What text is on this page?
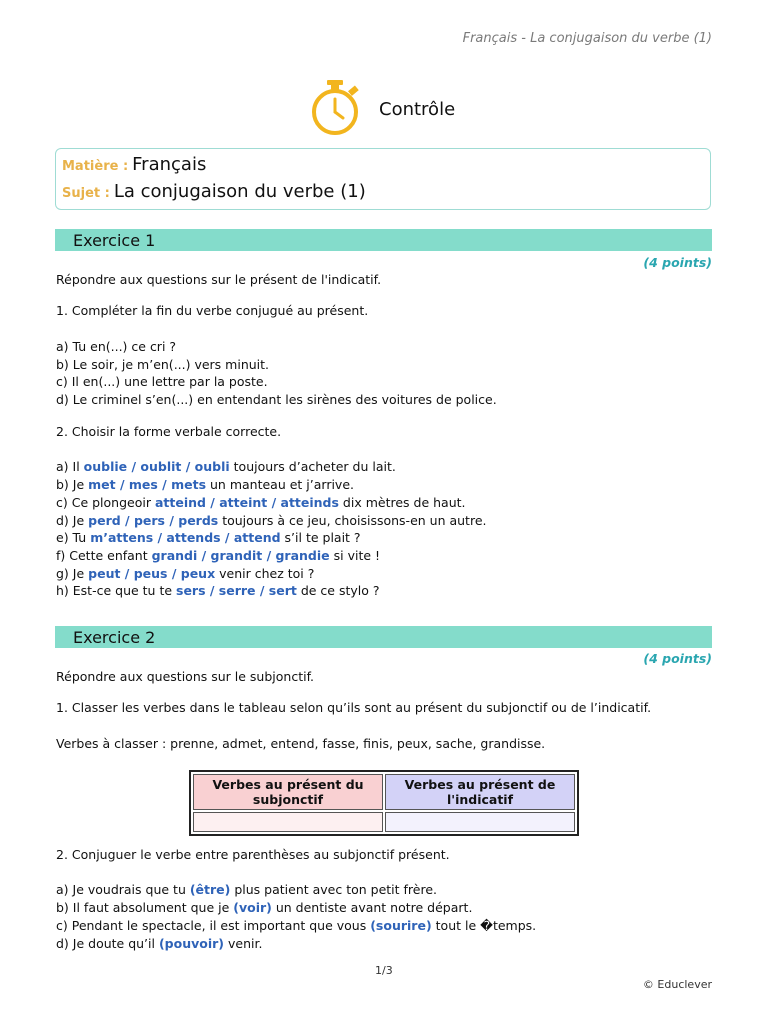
Français - La conjugaison du verbe (1)
Contrôle
Matière : Français
Sujet : La conjugaison du verbe (1)
Exercice 1
(4 points)
Répondre aux questions sur le présent de l'indicatif.
1. Compléter la fin du verbe conjugué au présent.
a) Tu en(...) ce cri ?
b) Le soir, je m’en(...) vers minuit.
c) Il en(...) une lettre par la poste.
d) Le criminel s’en(...) en entendant les sirènes des voitures de police.
2. Choisir la forme verbale correcte.
a) Il oublie / oublit / oubli toujours d’acheter du lait.
b) Je met / mes / mets un manteau et j’arrive.
c) Ce plongeoir atteind / atteint / atteinds dix mètres de haut.
d) Je perd / pers / perds toujours à ce jeu, choisissons-en un autre.
e) Tu m’attens / attends / attend s’il te plait ?
f) Cette enfant grandi / grandit / grandie si vite !
g) Je peut / peus / peux venir chez toi ?
h) Est-ce que tu te sers / serre / sert de ce stylo ?
Exercice 2
(4 points)
Répondre aux questions sur le subjonctif.
1. Classer les verbes dans le tableau selon qu’ils sont au présent du subjonctif ou de l’indicatif.
Verbes à classer : prenne, admet, entend, fasse, finis, peux, sache, grandisse.
Verbes au présent du subjonctif	Verbes au présent de l'indicatif

2. Conjuguer le verbe entre parenthèses au subjonctif présent.
a) Je voudrais que tu (être) plus patient avec ton petit frère.
b) Il faut absolument que je (voir) un dentiste avant notre départ.
c) Pendant le spectacle, il est important que vous (sourire) tout le �temps.
d) Je doute qu’il (pouvoir) venir.
1/3
© Educlever
